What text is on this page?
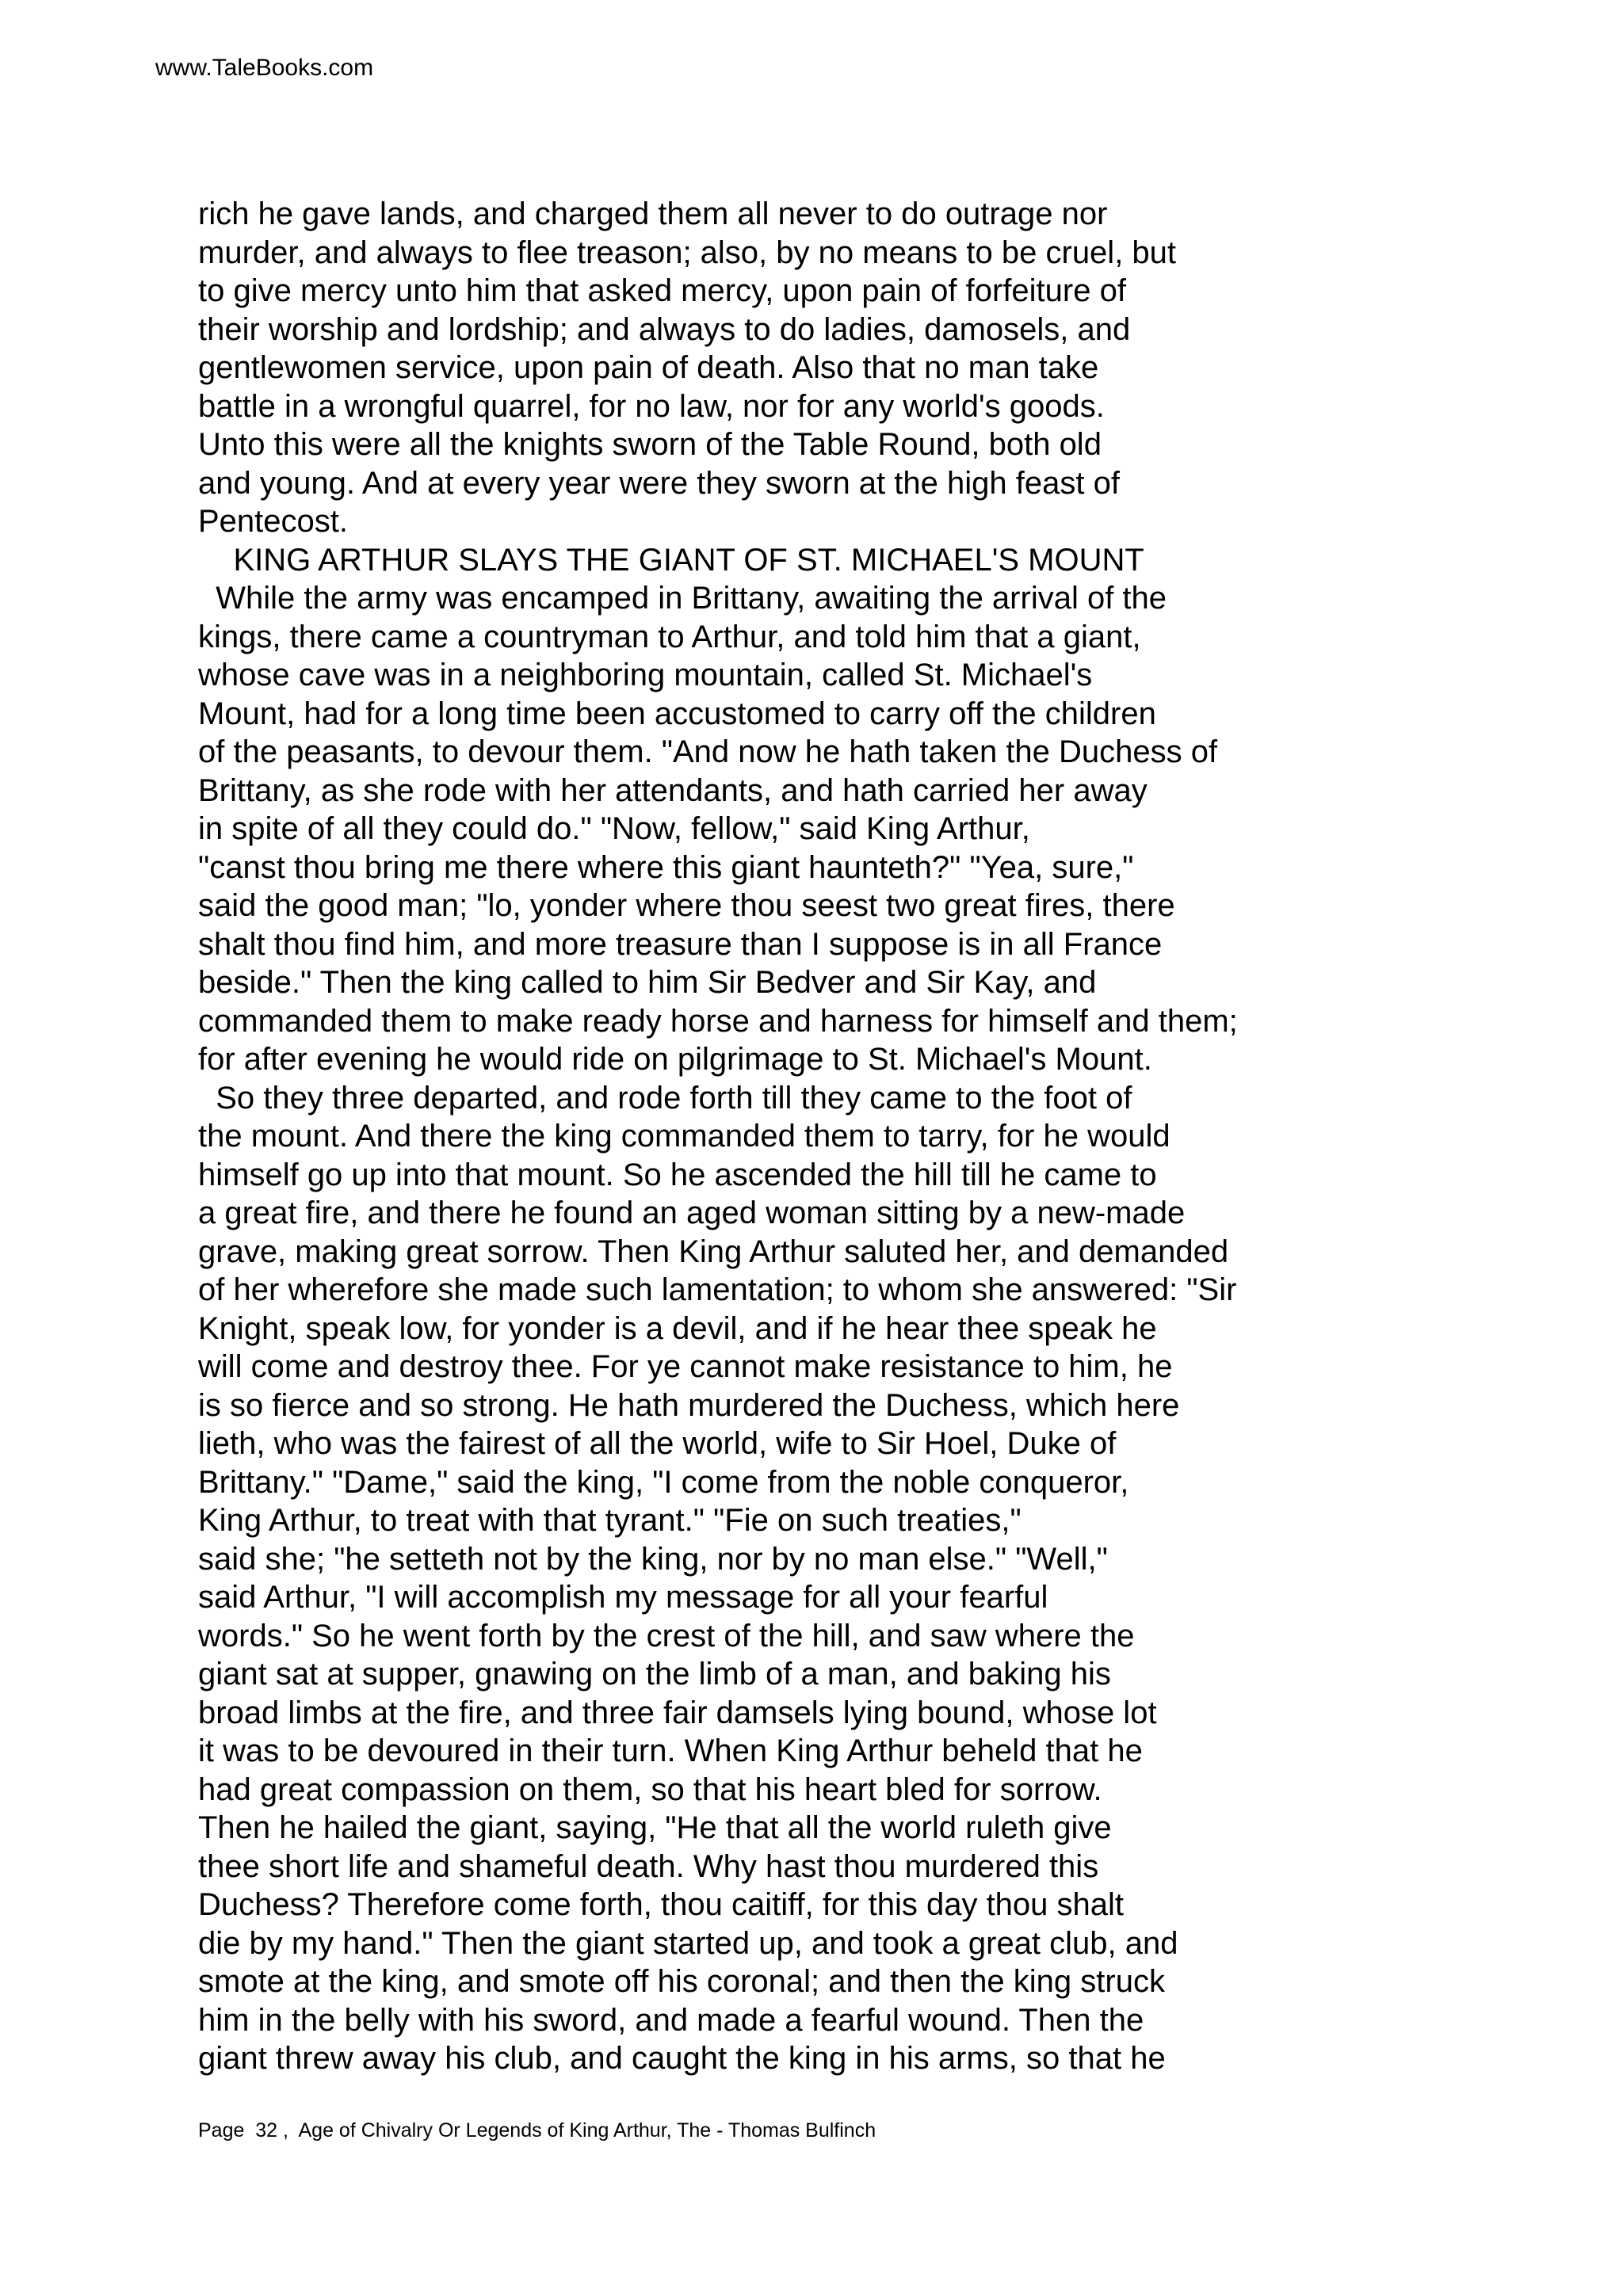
www.TaleBooks.com
rich he gave lands, and charged them all never to do outrage nor
murder, and always to flee treason; also, by no means to be cruel, but
to give mercy unto him that asked mercy, upon pain of forfeiture of
their worship and lordship; and always to do ladies, damosels, and
gentlewomen service, upon pain of death. Also that no man take
battle in a wrongful quarrel, for no law, nor for any world's goods.
Unto this were all the knights sworn of the Table Round, both old
and young. And at every year were they sworn at the high feast of
Pentecost.
KING ARTHUR SLAYS THE GIANT OF ST. MICHAEL'S MOUNT
While the army was encamped in Brittany, awaiting the arrival of the
kings, there came a countryman to Arthur, and told him that a giant,
whose cave was in a neighboring mountain, called St. Michael's
Mount, had for a long time been accustomed to carry off the children
of the peasants, to devour them. "And now he hath taken the Duchess of
Brittany, as she rode with her attendants, and hath carried her away
in spite of all they could do." "Now, fellow," said King Arthur,
"canst thou bring me there where this giant haunteth?" "Yea, sure,"
said the good man; "lo, yonder where thou seest two great fires, there
shalt thou find him, and more treasure than I suppose is in all France
beside." Then the king called to him Sir Bedver and Sir Kay, and
commanded them to make ready horse and harness for himself and them;
for after evening he would ride on pilgrimage to St. Michael's Mount.
So they three departed, and rode forth till they came to the foot of
the mount. And there the king commanded them to tarry, for he would
himself go up into that mount. So he ascended the hill till he came to
a great fire, and there he found an aged woman sitting by a new-made
grave, making great sorrow. Then King Arthur saluted her, and demanded
of her wherefore she made such lamentation; to whom she answered: "Sir
Knight, speak low, for yonder is a devil, and if he hear thee speak he
will come and destroy thee. For ye cannot make resistance to him, he
is so fierce and so strong. He hath murdered the Duchess, which here
lieth, who was the fairest of all the world, wife to Sir Hoel, Duke of
Brittany." "Dame," said the king, "I come from the noble conqueror,
King Arthur, to treat with that tyrant." "Fie on such treaties,"
said she; "he setteth not by the king, nor by no man else." "Well,"
said Arthur, "I will accomplish my message for all your fearful
words." So he went forth by the crest of the hill, and saw where the
giant sat at supper, gnawing on the limb of a man, and baking his
broad limbs at the fire, and three fair damsels lying bound, whose lot
it was to be devoured in their turn. When King Arthur beheld that he
had great compassion on them, so that his heart bled for sorrow.
Then he hailed the giant, saying, "He that all the world ruleth give
thee short life and shameful death. Why hast thou murdered this
Duchess? Therefore come forth, thou caitiff, for this day thou shalt
die by my hand." Then the giant started up, and took a great club, and
smote at the king, and smote off his coronal; and then the king struck
him in the belly with his sword, and made a fearful wound. Then the
giant threw away his club, and caught the king in his arms, so that he
Page  32 ,  Age of Chivalry Or Legends of King Arthur, The - Thomas Bulfinch
